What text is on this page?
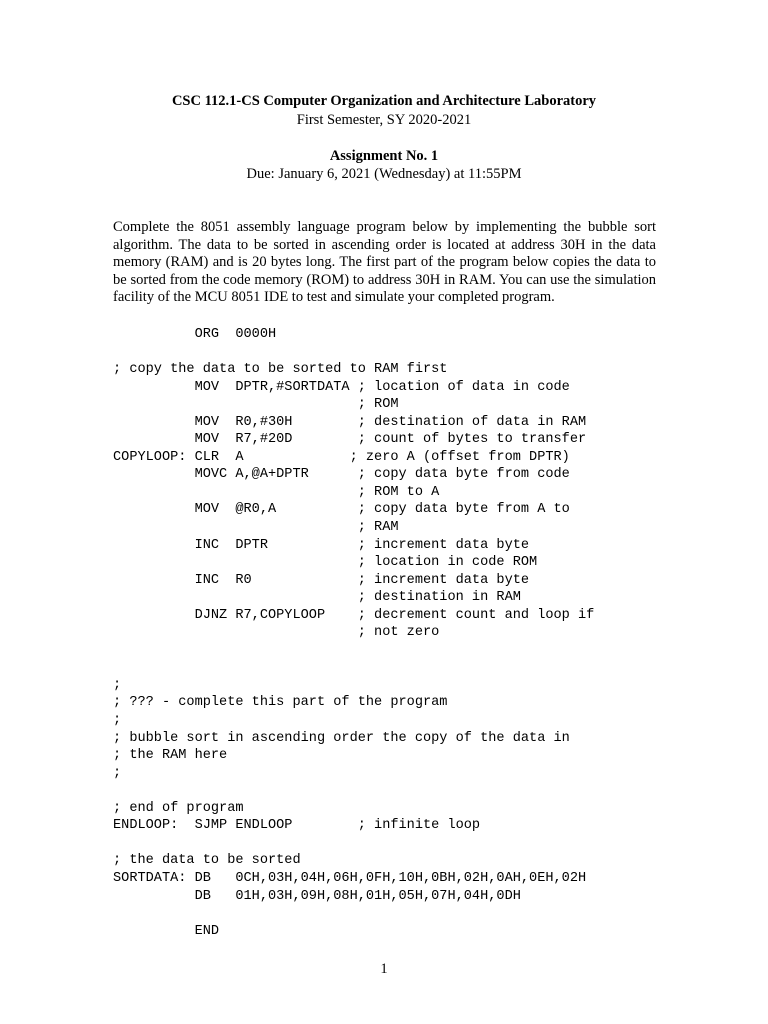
CSC 112.1-CS Computer Organization and Architecture Laboratory
First Semester, SY 2020-2021
Assignment No. 1
Due: January 6, 2021 (Wednesday) at 11:55PM
Complete the 8051 assembly language program below by implementing the bubble sort algorithm. The data to be sorted in ascending order is located at address 30H in the data memory (RAM) and is 20 bytes long. The first part of the program below copies the data to be sorted from the code memory (ROM) to address 30H in RAM. You can use the simulation facility of the MCU 8051 IDE to test and simulate your completed program.
ORG  0000H

; copy the data to be sorted to RAM first
MOV  DPTR,#SORTDATA ; location of data in code
; ROM
MOV  R0,#30H        ; destination of data in RAM
MOV  R7,#20D        ; count of bytes to transfer
COPYLOOP: CLR  A             ; zero A (offset from DPTR)
MOVC A,@A+DPTR      ; copy data byte from code
; ROM to A
MOV  @R0,A          ; copy data byte from A to
; RAM
INC  DPTR           ; increment data byte
; location in code ROM
INC  R0             ; increment data byte
; destination in RAM
DJNZ R7,COPYLOOP    ; decrement count and loop if
; not zero

;
; ??? - complete this part of the program
;
; bubble sort in ascending order the copy of the data in
; the RAM here
;

; end of program
ENDLOOP:  SJMP ENDLOOP        ; infinite loop

; the data to be sorted
SORTDATA: DB   0CH,03H,04H,06H,0FH,10H,0BH,02H,0AH,0EH,02H
DB   01H,03H,09H,08H,01H,05H,07H,04H,0DH

END
1
